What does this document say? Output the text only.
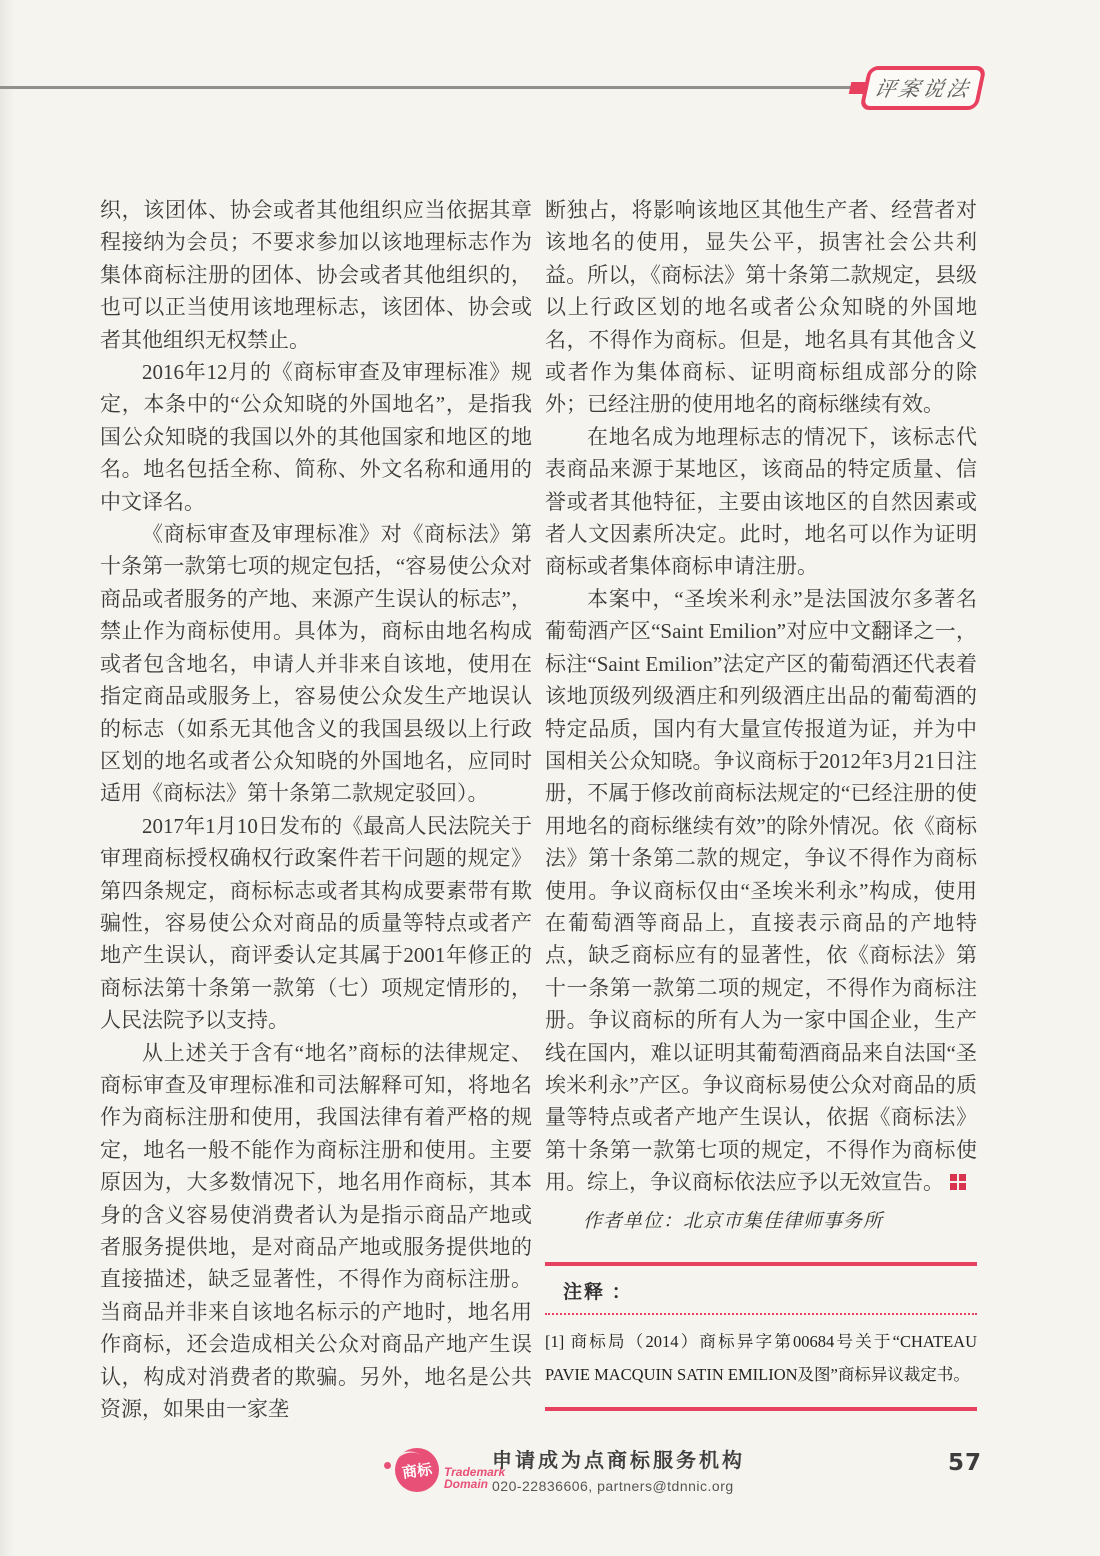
评案说法

织，该团体、协会或者其他组织应当依据其章程接纳为会员；不要求参加以该地理标志作为集体商标注册的团体、协会或者其他组织的，也可以正当使用该地理标志，该团体、协会或者其他组织无权禁止。

2016年12月的《商标审查及审理标准》规定，本条中的“公众知晓的外国地名”，是指我国公众知晓的我国以外的其他国家和地区的地名。地名包括全称、简称、外文名称和通用的中文译名。

《商标审查及审理标准》对《商标法》第十条第一款第七项的规定包括，“容易使公众对商品或者服务的产地、来源产生误认的标志”，禁止作为商标使用。具体为，商标由地名构成或者包含地名，申请人并非来自该地，使用在指定商品或服务上，容易使公众发生产地误认的标志（如系无其他含义的我国县级以上行政区划的地名或者公众知晓的外国地名，应同时适用《商标法》第十条第二款规定驳回）。

2017年1月10日发布的《最高人民法院关于审理商标授权确权行政案件若干问题的规定》第四条规定，商标标志或者其构成要素带有欺骗性，容易使公众对商品的质量等特点或者产地产生误认，商评委认定其属于2001年修正的商标法第十条第一款第（七）项规定情形的，人民法院予以支持。

从上述关于含有“地名”商标的法律规定、商标审查及审理标准和司法解释可知，将地名作为商标注册和使用，我国法律有着严格的规定，地名一般不能作为商标注册和使用。主要原因为，大多数情况下，地名用作商标，其本身的含义容易使消费者认为是指示商品产地或者服务提供地，是对商品产地或服务提供地的直接描述，缺乏显著性，不得作为商标注册。当商品并非来自该地名标示的产地时，地名用作商标，还会造成相关公众对商品产地产生误认，构成对消费者的欺骗。另外，地名是公共资源，如果由一家垄

断独占，将影响该地区其他生产者、经营者对该地名的使用，显失公平，损害社会公共利益。所以，《商标法》第十条第二款规定，县级以上行政区划的地名或者公众知晓的外国地名，不得作为商标。但是，地名具有其他含义或者作为集体商标、证明商标组成部分的除外；已经注册的使用地名的商标继续有效。

在地名成为地理标志的情况下，该标志代表商品来源于某地区，该商品的特定质量、信誉或者其他特征，主要由该地区的自然因素或者人文因素所决定。此时，地名可以作为证明商标或者集体商标申请注册。

本案中，“圣埃米利永”是法国波尔多著名葡萄酒产区“Saint Emilion”对应中文翻译之一，标注“Saint Emilion”法定产区的葡萄酒还代表着该地顶级列级酒庄和列级酒庄出品的葡萄酒的特定品质，国内有大量宣传报道为证，并为中国相关公众知晓。争议商标于2012年3月21日注册，不属于修改前商标法规定的“已经注册的使用地名的商标继续有效”的除外情况。依《商标法》第十条第二款的规定，争议不得作为商标使用。争议商标仅由“圣埃米利永”构成，使用在葡萄酒等商品上，直接表示商品的产地特点，缺乏商标应有的显著性，依《商标法》第十一条第一款第二项的规定，不得作为商标注册。争议商标的所有人为一家中国企业，生产线在国内，难以证明其葡萄酒商品来自法国“圣埃米利永”产区。争议商标易使公众对商品的质量等特点或者产地产生误认，依据《商标法》第十条第一款第七项的规定，不得作为商标使用。综上，争议商标依法应予以无效宣告。

作者单位：北京市集佳律师事务所
注释 ：
[1] 商标局（2014）商标异字第00684号关于“CHATEAU PAVIE MACQUIN SATIN EMILION及图”商标异议裁定书。
商标 Trademark
Domain
申请成为点商标服务机构
020-22836606, partners@tdnnic.org
57
